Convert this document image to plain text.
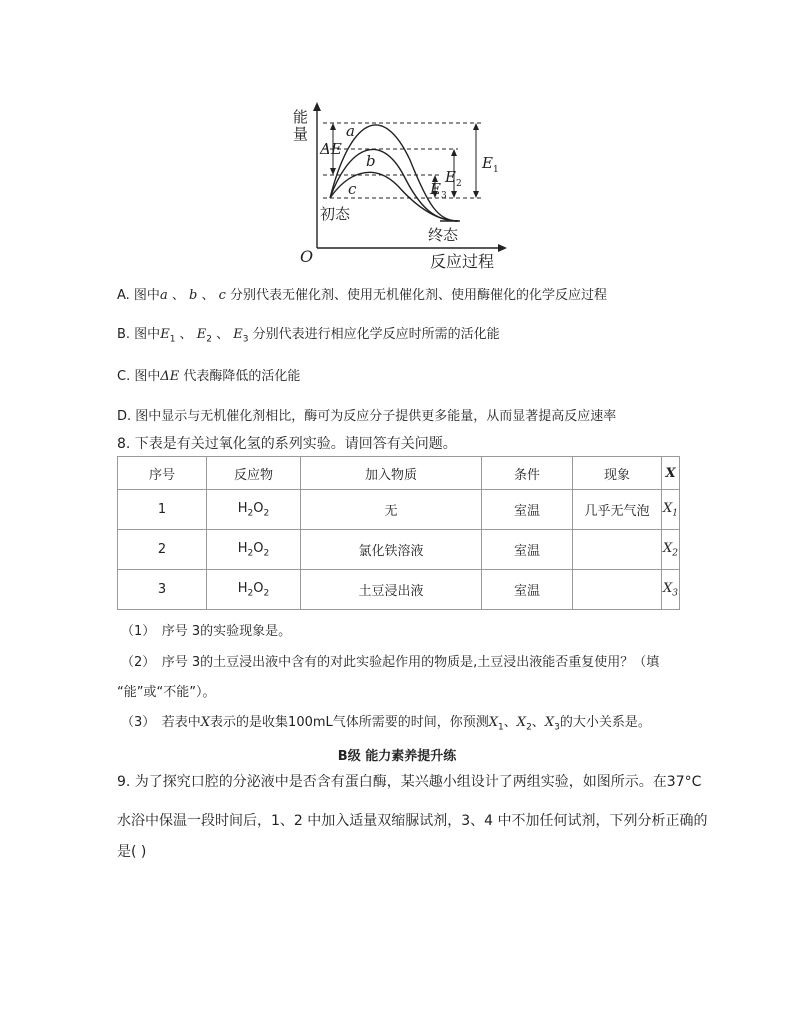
能
量	a
b
c
ΔE
E 1
E 2
E 3
初态
终态
O	反应过程
A. 图中a 、 b 、 c 分别代表无催化剂、使用无机催化剂、使用酶催化的化学反应过程
B. 图中$E_1$ 、 $E_2$ 、 $E_3$ 分别代表进行相应化学反应时所需的活化能
C. 图中ΔE 代表酶降低的活化能
D. 图中显示与无机催化剂相比，酶可为反应分子提供更多能量，从而显著提高反应速率
8. 下表是有关过氧化氢的系列实验。请回答有关问题。
序号	反应物	加入物质	条件	现象	X
1	$H_2O_2$	无	室温	几乎无气泡	$X_1$
2	$H_2O_2$	氯化铁溶液	室温		$X_2$
3	$H_2O_2$	土豆浸出液	室温		$X_3$
（1）　序号 3的实验现象是。
（2）　序号 3的土豆浸出液中含有的对此实验起作用的物质是,土豆浸出液能否重复使用？（填
“能”或“不能”）。
（3）　若表中X表示的是收集100mL气体所需要的时间，你预测$X_1$、$X_2$、$X_3$的大小关系是。
B级 能力素养提升练
9. 为了探究口腔的分泌液中是否含有蛋白酶，某兴趣小组设计了两组实验，如图所示。在37°C
水浴中保温一段时间后，1、2 中加入适量双缩脲试剂，3、4 中不加任何试剂，下列分析正确的
是( )
